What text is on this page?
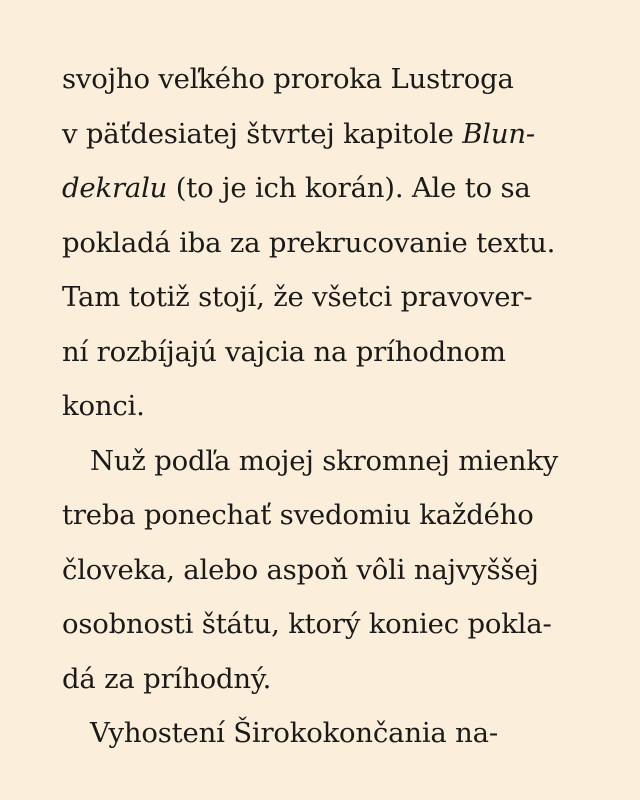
svojho veľkého proroka Lustroga
v päťdesiatej štvrtej kapitole Blun-
dekralu (to je ich korán). Ale to sa
pokladá iba za prekrucovanie textu.
Tam totiž stojí, že všetci pravover-
ní rozbíjajú vajcia na príhodnom
konci.
Nuž podľa mojej skromnej mienky
treba ponechať svedomiu každého
človeka, alebo aspoň vôli najvyššej
osobnosti štátu, ktorý koniec pokla-
dá za príhodný.
Vyhostení Širokokončania na-
